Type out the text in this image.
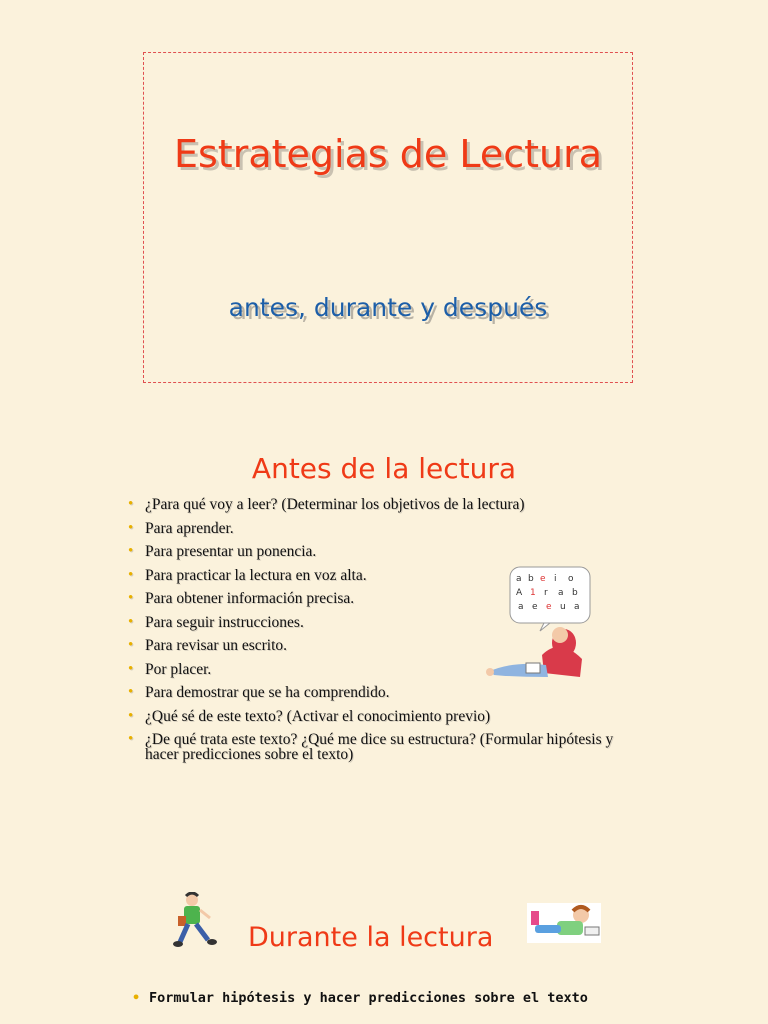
Estrategias de Lectura
antes, durante y después
Antes de la lectura
• ¿Para qué voy a leer? (Determinar los objetivos de la lectura)
• Para aprender.
• Para presentar un ponencia.
• Para practicar la lectura en voz alta.
• Para obtener información precisa.
• Para seguir instrucciones.
• Para revisar un escrito.
• Por placer.
• Para demostrar que se ha comprendido.
• ¿Qué sé de este texto? (Activar el conocimiento previo)
• ¿De qué trata este texto? ¿Qué me dice su estructura? (Formular hipótesis y hacer predicciones sobre el texto)
a b e i o
A 1 r a b
a e e u a
Durante la lectura
• Formular hipótesis y hacer predicciones sobre el texto
